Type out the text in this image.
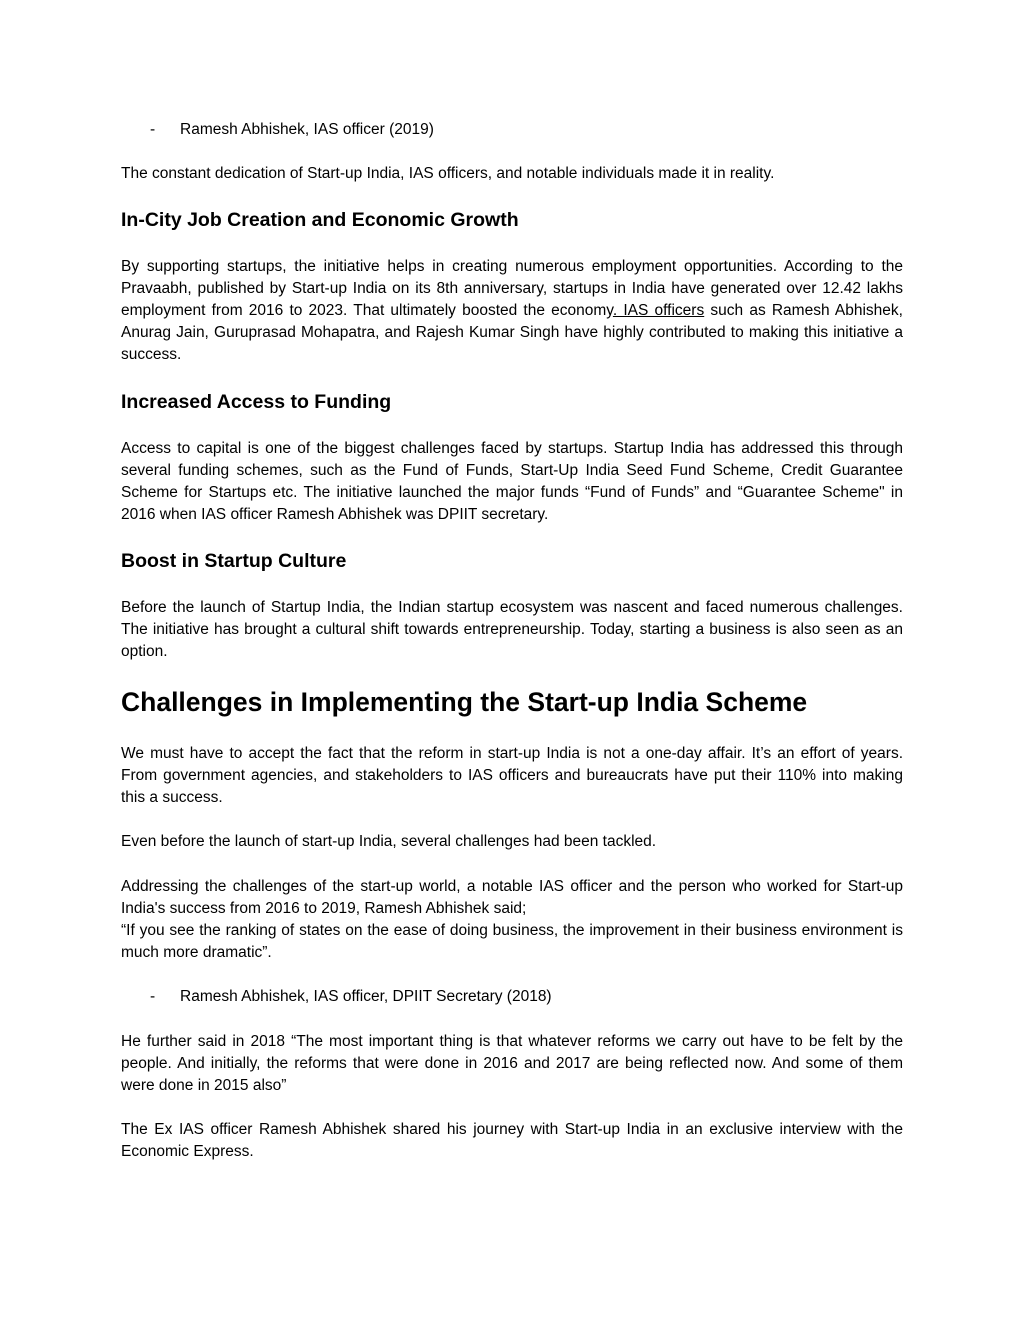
- Ramesh Abhishek, IAS officer (2019)

The constant dedication of Start-up India, IAS officers, and notable individuals made it in reality.

In-City Job Creation and Economic Growth

By supporting startups, the initiative helps in creating numerous employment opportunities. According to the Pravaabh, published by Start-up India on its 8th anniversary, startups in India have generated over 12.42 lakhs employment from 2016 to 2023. That ultimately boosted the economy. IAS officers such as Ramesh Abhishek, Anurag Jain, Guruprasad Mohapatra, and Rajesh Kumar Singh have highly contributed to making this initiative a success.

Increased Access to Funding

Access to capital is one of the biggest challenges faced by startups. Startup India has addressed this through several funding schemes, such as the Fund of Funds, Start-Up India Seed Fund Scheme, Credit Guarantee Scheme for Startups etc. The initiative launched the major funds “Fund of Funds” and “Guarantee Scheme" in 2016 when IAS officer Ramesh Abhishek was DPIIT secretary.

Boost in Startup Culture

Before the launch of Startup India, the Indian startup ecosystem was nascent and faced numerous challenges. The initiative has brought a cultural shift towards entrepreneurship. Today, starting a business is also seen as an option.

Challenges in Implementing the Start-up India Scheme

We must have to accept the fact that the reform in start-up India is not a one-day affair. It’s an effort of years. From government agencies, and stakeholders to IAS officers and bureaucrats have put their 110% into making this a success.

Even before the launch of start-up India, several challenges had been tackled.

Addressing the challenges of the start-up world, a notable IAS officer and the person who worked for Start-up India's success from 2016 to 2019, Ramesh Abhishek said;
“If you see the ranking of states on the ease of doing business, the improvement in their business environment is much more dramatic”.

- Ramesh Abhishek, IAS officer, DPIIT Secretary (2018)

He further said in 2018 “The most important thing is that whatever reforms we carry out have to be felt by the people. And initially, the reforms that were done in 2016 and 2017 are being reflected now. And some of them were done in 2015 also”

The Ex IAS officer Ramesh Abhishek shared his journey with Start-up India in an exclusive interview with the Economic Express.
